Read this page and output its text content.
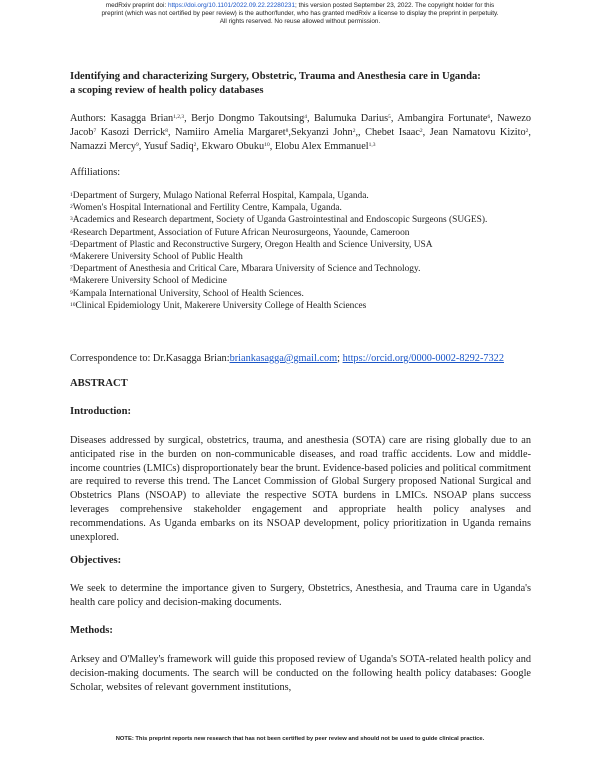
medRxiv preprint doi: https://doi.org/10.1101/2022.09.22.22280231; this version posted September 23, 2022. The copyright holder for this
preprint (which was not certified by peer review) is the author/funder, who has granted medRxiv a license to display the preprint in perpetuity.
All rights reserved. No reuse allowed without permission.
Identifying and characterizing Surgery, Obstetric, Trauma and Anesthesia care in Uganda:
a scoping review of health policy databases
Authors: Kasagga Brian$^{1,2,3}$, Berjo Dongmo Takoutsing$^4$, Balumuka Darius$^5$, Ambangira Fortunate$^6$, Nawezo Jacob$^7$ Kasozi Derrick$^8$, Namiiro Amelia Margaret$^8$,Sekyanzi John$^2$,, Chebet Isaac$^2$, Jean Namatovu Kizito$^2$, Namazzi Mercy$^9$, Yusuf Sadiq$^2$, Ekwaro Obuku$^{10}$, Elobu Alex Emmanuel$^{1,3}$
Affiliations:
$^1$Department of Surgery, Mulago National Referral Hospital, Kampala, Uganda.
$^2$Women's Hospital International and Fertility Centre, Kampala, Uganda.
$^3$Academics and Research department, Society of Uganda Gastrointestinal and Endoscopic Surgeons (SUGES).
$^4$Research Department, Association of Future African Neurosurgeons, Yaounde, Cameroon
$^5$Department of Plastic and Reconstructive Surgery, Oregon Health and Science University, USA
$^6$Makerere University School of Public Health
$^7$Department of Anesthesia and Critical Care, Mbarara University of Science and Technology.
$^8$Makerere University School of Medicine
$^9$Kampala International University, School of Health Sciences.
$^{10}$Clinical Epidemiology Unit, Makerere University College of Health Sciences
Correspondence to: Dr.Kasagga Brian:briankasagga@gmail.com; https://orcid.org/0000-0002-8292-7322
ABSTRACT
Introduction:
Diseases addressed by surgical, obstetrics, trauma, and anesthesia (SOTA) care are rising globally due to an anticipated rise in the burden on non-communicable diseases, and road traffic accidents. Low and middle-income countries (LMICs) disproportionately bear the brunt. Evidence-based policies and political commitment are required to reverse this trend. The Lancet Commission of Global Surgery proposed National Surgical and Obstetrics Plans (NSOAP) to alleviate the respective SOTA burdens in LMICs. NSOAP plans success leverages comprehensive stakeholder engagement and appropriate health policy analyses and recommendations. As Uganda embarks on its NSOAP development, policy prioritization in Uganda remains unexplored.
Objectives:
We seek to determine the importance given to Surgery, Obstetrics, Anesthesia, and Trauma care in Uganda's health care policy and decision-making documents.
Methods:
Arksey and O'Malley's framework will guide this proposed review of Uganda's SOTA-related health policy and decision-making documents. The search will be conducted on the following health policy databases: Google Scholar, websites of relevant government institutions,
NOTE: This preprint reports new research that has not been certified by peer review and should not be used to guide clinical practice.
